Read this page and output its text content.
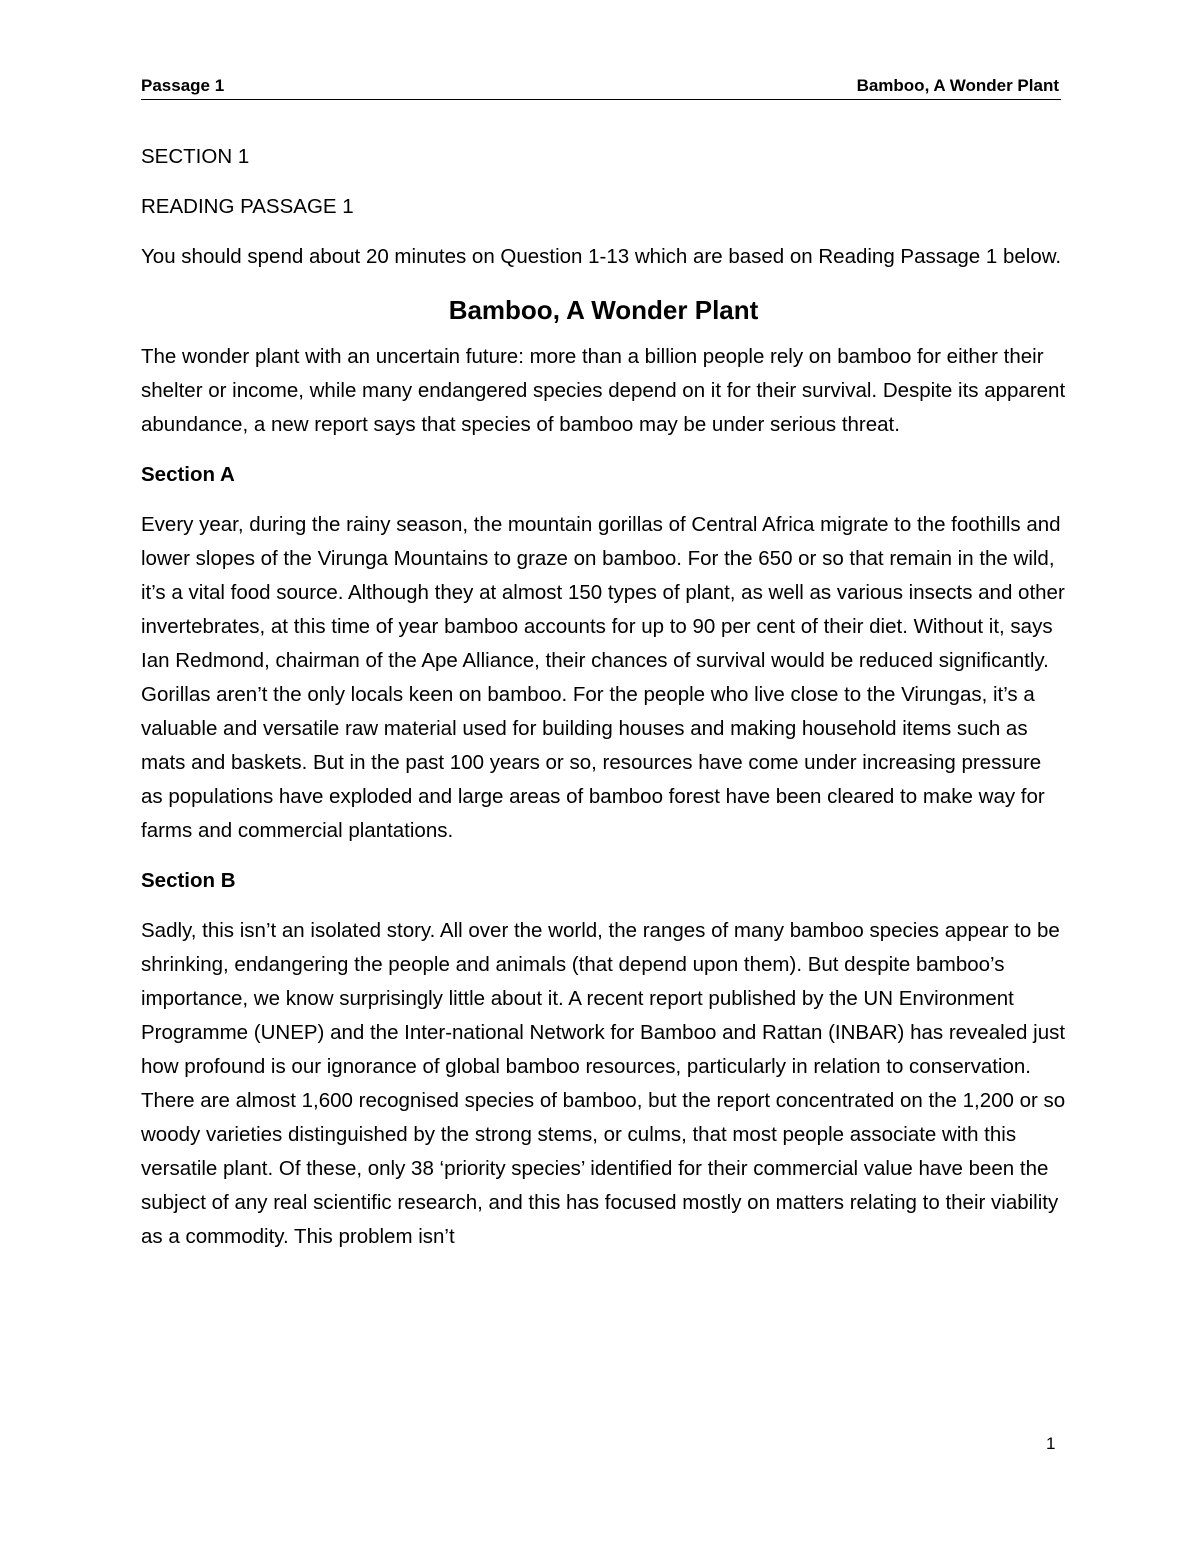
Passage 1	Bamboo, A Wonder Plant

SECTION 1

READING PASSAGE 1

You should spend about 20 minutes on Question 1-13 which are based on Reading Passage 1 below.

Bamboo, A Wonder Plant

The wonder plant with an uncertain future: more than a billion people rely on bamboo for either their shelter or income, while many endangered species depend on it for their survival. Despite its apparent abundance, a new report says that species of bamboo may be under serious threat.

Section A

Every year, during the rainy season, the mountain gorillas of Central Africa migrate to the foothills and lower slopes of the Virunga Mountains to graze on bamboo. For the 650 or so that remain in the wild, it’s a vital food source. Although they at almost 150 types of plant, as well as various insects and other invertebrates, at this time of year bamboo accounts for up to 90 per cent of their diet. Without it, says Ian Redmond, chairman of the Ape Alliance, their chances of survival would be reduced significantly. Gorillas aren’t the only locals keen on bamboo. For the people who live close to the Virungas, it’s a valuable and versatile raw material used for building houses and making household items such as mats and baskets. But in the past 100 years or so, resources have come under increasing pressure as populations have exploded and large areas of bamboo forest have been cleared to make way for farms and commercial plantations.

Section B

Sadly, this isn’t an isolated story. All over the world, the ranges of many bamboo species appear to be shrinking, endangering the people and animals (that depend upon them). But despite bamboo’s importance, we know surprisingly little about it. A recent report published by the UN Environment Programme (UNEP) and the Inter-national Network for Bamboo and Rattan (INBAR) has revealed just how profound is our ignorance of global bamboo resources, particularly in relation to conservation. There are almost 1,600 recognised species of bamboo, but the report concentrated on the 1,200 or so woody varieties distinguished by the strong stems, or culms, that most people associate with this versatile plant. Of these, only 38 ‘priority species’ identified for their commercial value have been the subject of any real scientific research, and this has focused mostly on matters relating to their viability as a commodity. This problem isn’t

1
